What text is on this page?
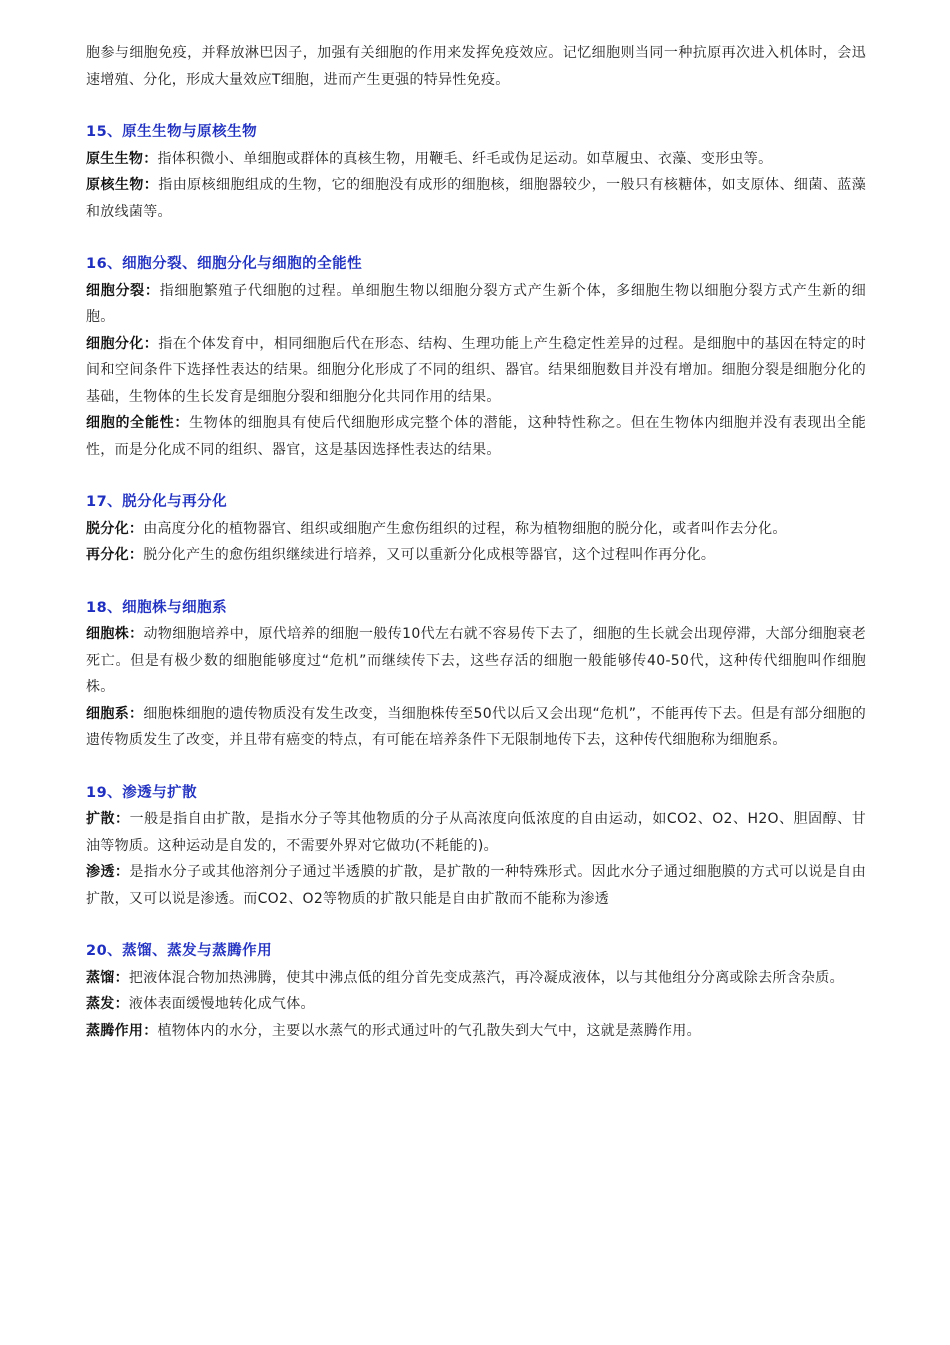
胞参与细胞免疫，并释放淋巴因子，加强有关细胞的作用来发挥免疫效应。记忆细胞则当同一种抗原再次进入机体时，会迅速增殖、分化，形成大量效应T细胞，进而产生更强的特异性免疫。

15、原生生物与原核生物

原生生物：指体积微小、单细胞或群体的真核生物，用鞭毛、纤毛或伪足运动。如草履虫、衣藻、变形虫等。

原核生物：指由原核细胞组成的生物，它的细胞没有成形的细胞核，细胞器较少，一般只有核糖体，如支原体、细菌、蓝藻和放线菌等。

16、细胞分裂、细胞分化与细胞的全能性

细胞分裂：指细胞繁殖子代细胞的过程。单细胞生物以细胞分裂方式产生新个体，多细胞生物以细胞分裂方式产生新的细胞。

细胞分化：指在个体发育中，相同细胞后代在形态、结构、生理功能上产生稳定性差异的过程。是细胞中的基因在特定的时间和空间条件下选择性表达的结果。细胞分化形成了不同的组织、器官。结果细胞数目并没有增加。细胞分裂是细胞分化的基础，生物体的生长发育是细胞分裂和细胞分化共同作用的结果。

细胞的全能性：生物体的细胞具有使后代细胞形成完整个体的潜能，这种特性称之。但在生物体内细胞并没有表现出全能性，而是分化成不同的组织、器官，这是基因选择性表达的结果。

17、脱分化与再分化

脱分化：由高度分化的植物器官、组织或细胞产生愈伤组织的过程，称为植物细胞的脱分化，或者叫作去分化。

再分化：脱分化产生的愈伤组织继续进行培养，又可以重新分化成根等器官，这个过程叫作再分化。

18、细胞株与细胞系

细胞株：动物细胞培养中，原代培养的细胞一般传10代左右就不容易传下去了，细胞的生长就会出现停滞，大部分细胞衰老死亡。但是有极少数的细胞能够度过“危机”而继续传下去，这些存活的细胞一般能够传40-50代，这种传代细胞叫作细胞株。

细胞系：细胞株细胞的遗传物质没有发生改变，当细胞株传至50代以后又会出现“危机”，不能再传下去。但是有部分细胞的遗传物质发生了改变，并且带有癌变的特点，有可能在培养条件下无限制地传下去，这种传代细胞称为细胞系。

19、渗透与扩散

扩散：一般是指自由扩散，是指水分子等其他物质的分子从高浓度向低浓度的自由运动，如CO2、O2、H2O、胆固醇、甘油等物质。这种运动是自发的，不需要外界对它做功(不耗能的)。

渗透：是指水分子或其他溶剂分子通过半透膜的扩散，是扩散的一种特殊形式。因此水分子通过细胞膜的方式可以说是自由扩散，又可以说是渗透。而CO2、O2等物质的扩散只能是自由扩散而不能称为渗透

20、蒸馏、蒸发与蒸腾作用

蒸馏：把液体混合物加热沸腾，使其中沸点低的组分首先变成蒸汽，再冷凝成液体，以与其他组分分离或除去所含杂质。

蒸发：液体表面缓慢地转化成气体。

蒸腾作用：植物体内的水分，主要以水蒸气的形式通过叶的气孔散失到大气中，这就是蒸腾作用。
